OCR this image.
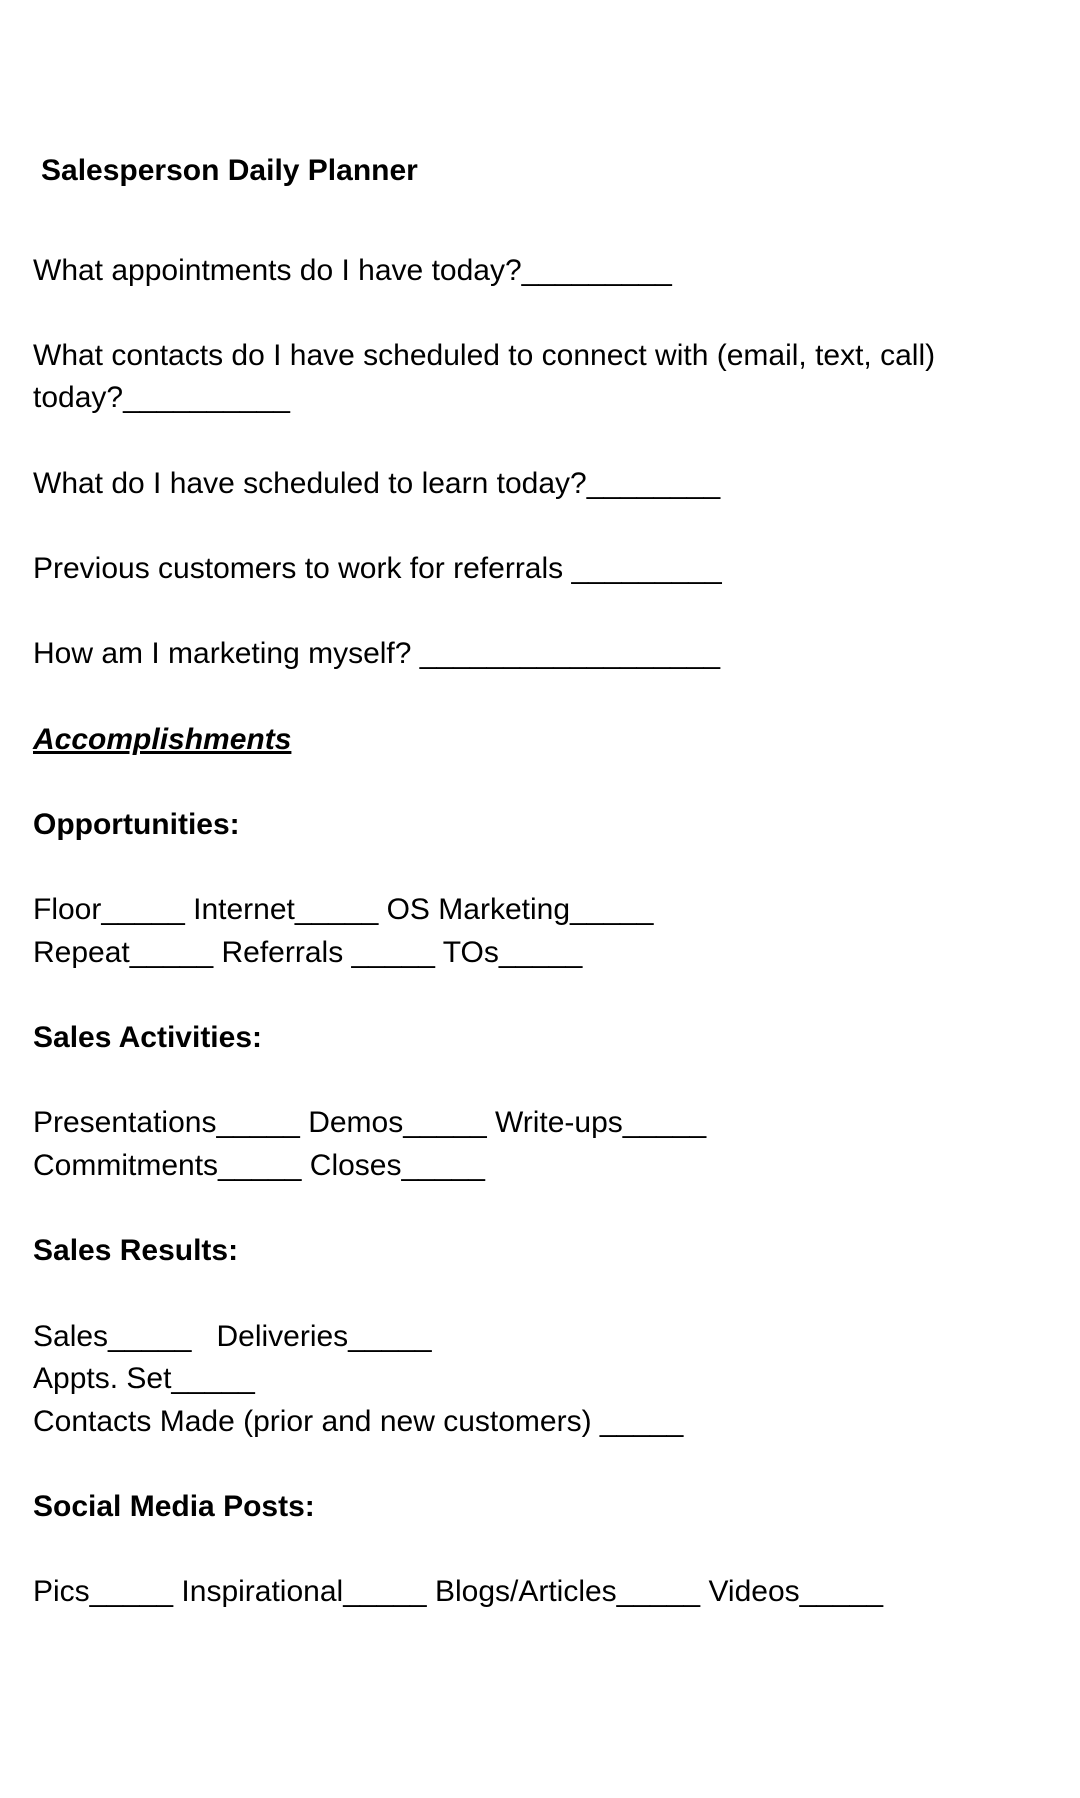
Salesperson Daily Planner
What appointments do I have today?_________
What contacts do I have scheduled to connect with (email, text, call)
today?__________
What do I have scheduled to learn today?________
Previous customers to work for referrals _________
How am I marketing myself? __________________
Accomplishments
Opportunities:
Floor_____ Internet_____ OS Marketing_____
Repeat_____ Referrals _____ TOs_____
Sales Activities:
Presentations_____ Demos_____ Write-ups_____
Commitments_____ Closes_____
Sales Results:
Sales_____   Deliveries_____
Appts. Set_____
Contacts Made (prior and new customers) _____
Social Media Posts:
Pics_____ Inspirational_____ Blogs/Articles_____ Videos_____
